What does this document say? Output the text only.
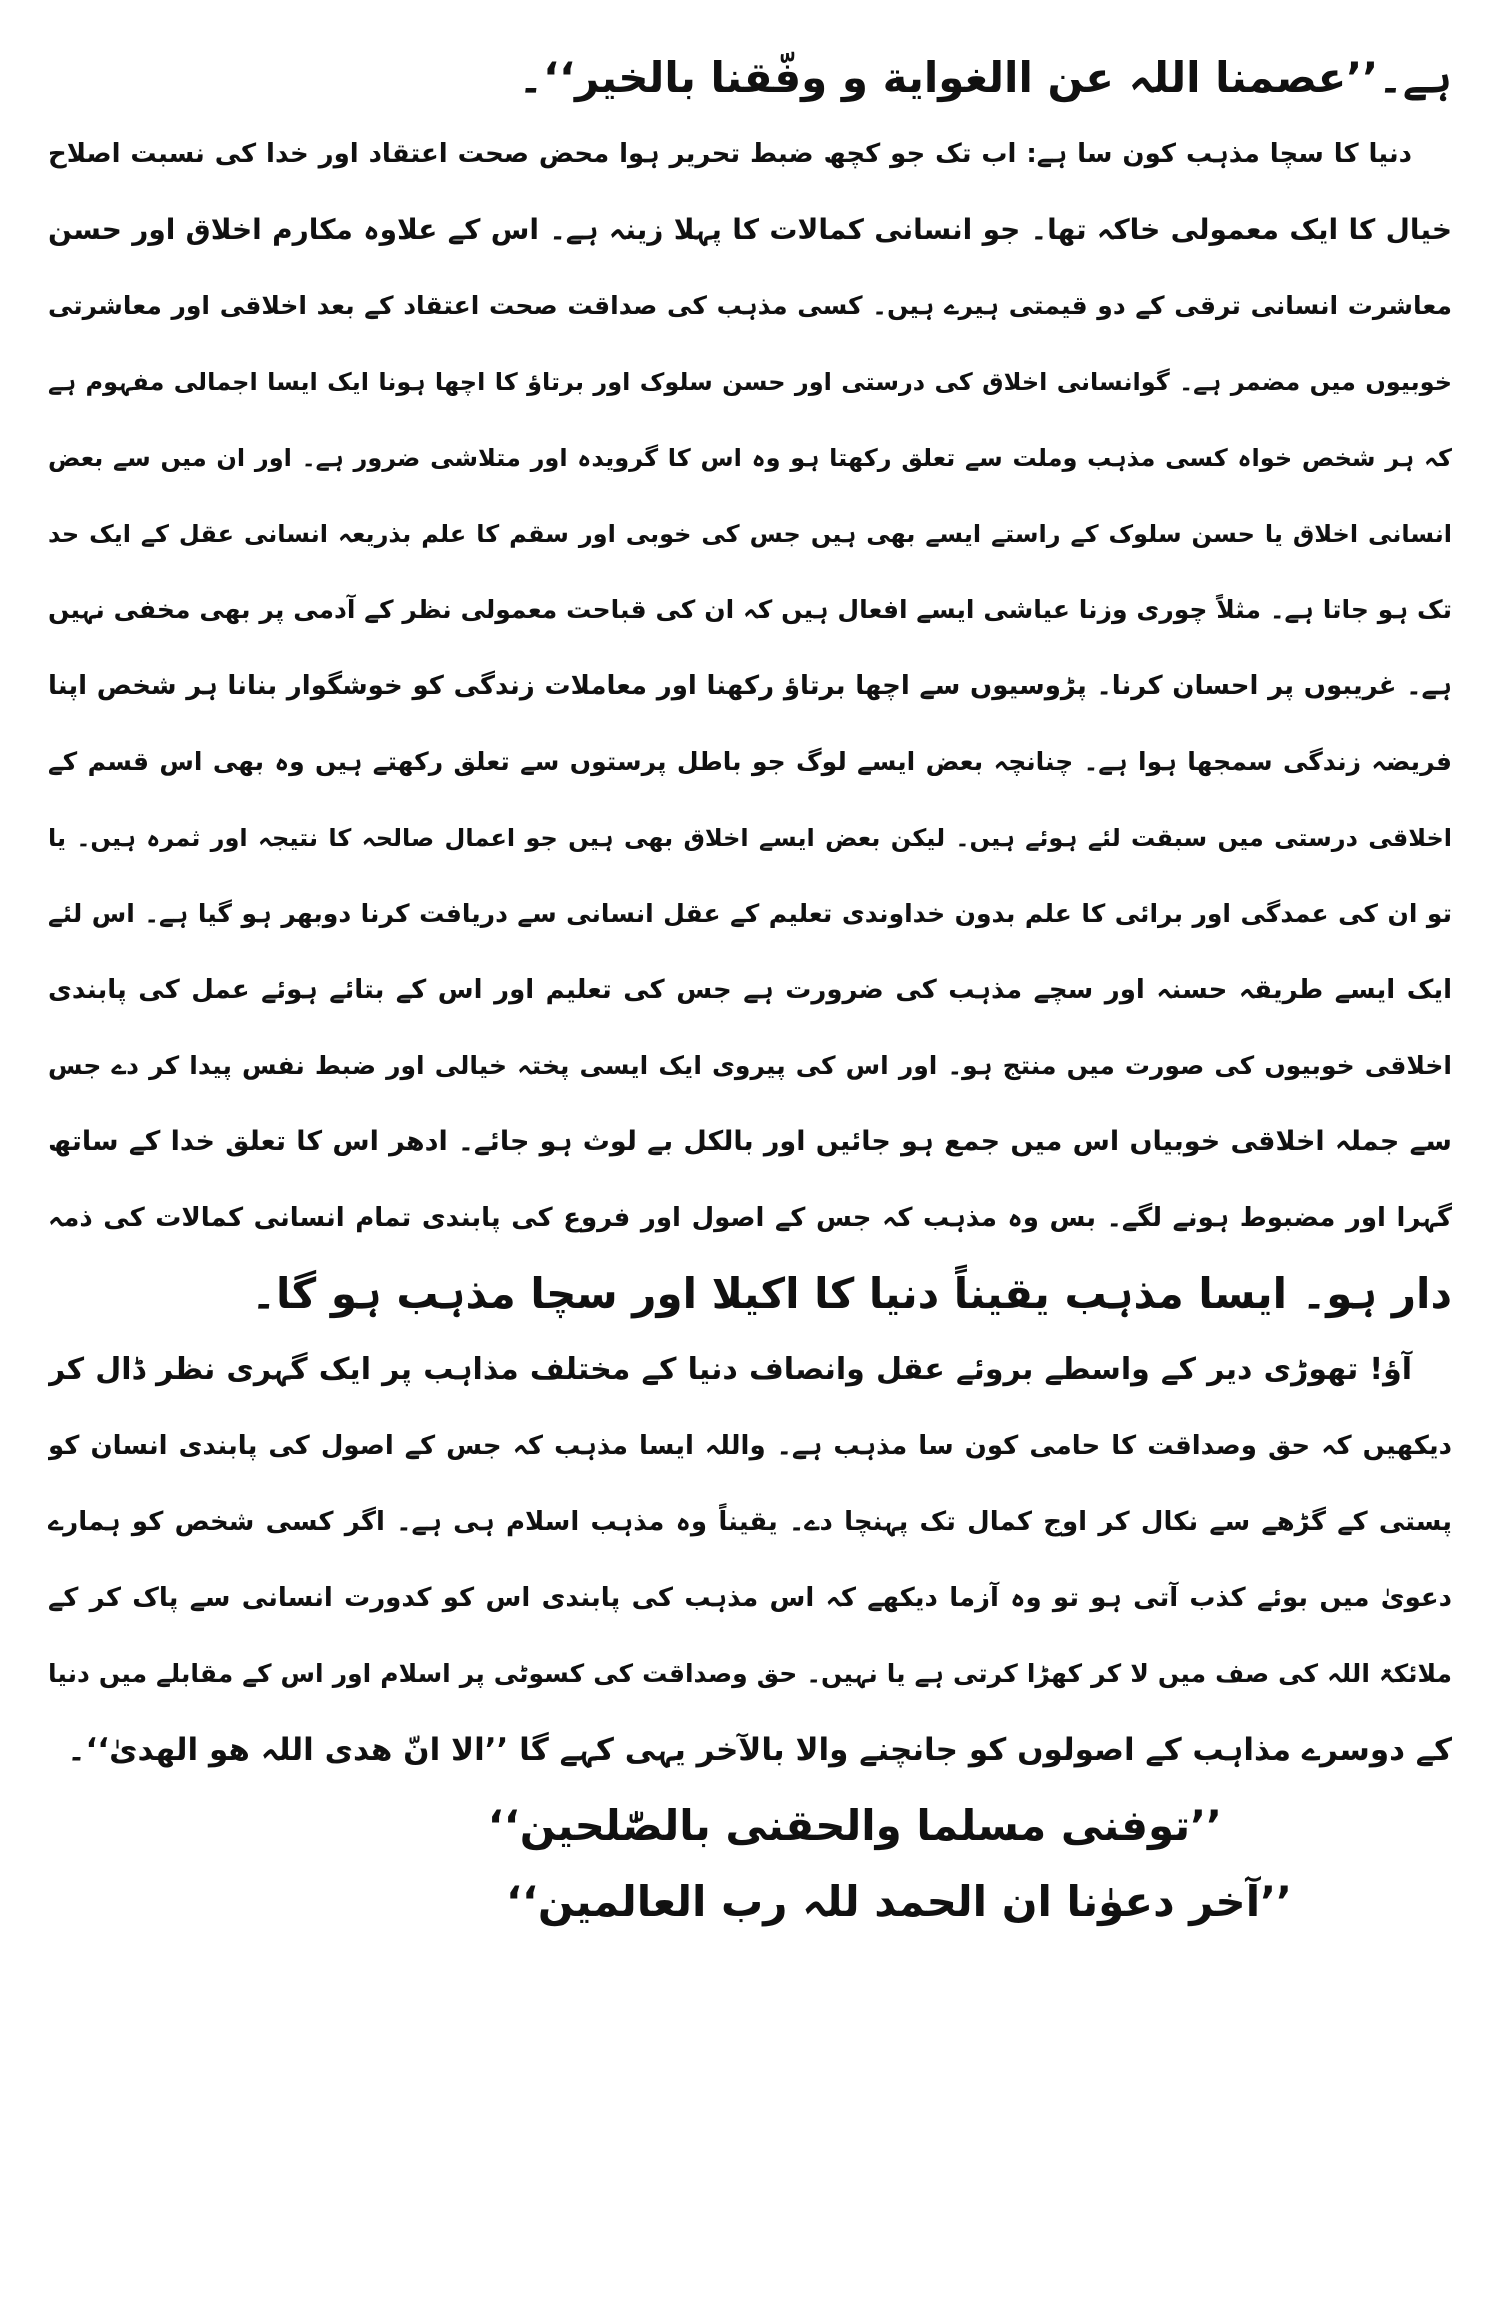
ہے۔’’عصمنا اللہ عن االغوایة و وفّقنا بالخیر‘‘۔
دنیا کا سچا مذہب کون سا ہے: اب تک جو کچھ ضبط تحریر ہوا محض صحت اعتقاد اور خدا کی نسبت اصلاح
خیال کا ایک معمولی خاکہ تھا۔ جو انسانی کمالات کا پہلا زینہ ہے۔ اس کے علاوہ مکارم اخلاق اور حسن
معاشرت انسانی ترقی کے دو قیمتی ہیرے ہیں۔ کسی مذہب کی صداقت صحت اعتقاد کے بعد اخلاقی اور معاشرتی
خوبیوں میں مضمر ہے۔ گوانسانی اخلاق کی درستی اور حسن سلوک اور برتاؤ کا اچھا ہونا ایک ایسا اجمالی مفہوم ہے
کہ ہر شخص خواہ کسی مذہب وملت سے تعلق رکھتا ہو وہ اس کا گرویدہ اور متلاشی ضرور ہے۔ اور ان میں سے بعض
انسانی اخلاق یا حسن سلوک کے راستے ایسے بھی ہیں جس کی خوبی اور سقم کا علم بذریعہ انسانی عقل کے ایک حد
تک ہو جاتا ہے۔ مثلاً چوری وزنا عیاشی ایسے افعال ہیں کہ ان کی قباحت معمولی نظر کے آدمی پر بھی مخفی نہیں
ہے۔ غریبوں پر احسان کرنا۔ پڑوسیوں سے اچھا برتاؤ رکھنا اور معاملات زندگی کو خوشگوار بنانا ہر شخص اپنا
فریضہ زندگی سمجھا ہوا ہے۔ چنانچہ بعض ایسے لوگ جو باطل پرستوں سے تعلق رکھتے ہیں وہ بھی اس قسم کے
اخلاقی درستی میں سبقت لئے ہوئے ہیں۔ لیکن بعض ایسے اخلاق بھی ہیں جو اعمال صالحہ کا نتیجہ اور ثمرہ ہیں۔ یا
تو ان کی عمدگی اور برائی کا علم بدون خداوندی تعلیم کے عقل انسانی سے دریافت کرنا دوبھر ہو گیا ہے۔ اس لئے
ایک ایسے طریقہ حسنہ اور سچے مذہب کی ضرورت ہے جس کی تعلیم اور اس کے بتائے ہوئے عمل کی پابندی
اخلاقی خوبیوں کی صورت میں منتج ہو۔ اور اس کی پیروی ایک ایسی پختہ خیالی اور ضبط نفس پیدا کر دے جس
سے جملہ اخلاقی خوبیاں اس میں جمع ہو جائیں اور بالکل بے لوث ہو جائے۔ ادھر اس کا تعلق خدا کے ساتھ
گہرا اور مضبوط ہونے لگے۔ بس وہ مذہب کہ جس کے اصول اور فروع کی پابندی تمام انسانی کمالات کی ذمہ
دار ہو۔ ایسا مذہب یقیناً دنیا کا اکیلا اور سچا مذہب ہو گا۔
آؤ! تھوڑی دیر کے واسطے بروئے عقل وانصاف دنیا کے مختلف مذاہب پر ایک گہری نظر ڈال کر
دیکھیں کہ حق وصداقت کا حامی کون سا مذہب ہے۔ واللہ ایسا مذہب کہ جس کے اصول کی پابندی انسان کو
پستی کے گڑھے سے نکال کر اوج کمال تک پہنچا دے۔ یقیناً وہ مذہب اسلام ہی ہے۔ اگر کسی شخص کو ہمارے
دعویٰ میں بوئے کذب آتی ہو تو وہ آزما دیکھے کہ اس مذہب کی پابندی اس کو کدورت انسانی سے پاک کر کے
ملائکۃ اللہ کی صف میں لا کر کھڑا کرتی ہے یا نہیں۔ حق وصداقت کی کسوٹی پر اسلام اور اس کے مقابلے میں دنیا
کے دوسرے مذاہب کے اصولوں کو جانچنے والا بالآخر یہی کہے گا ’’الا انّ ھدی اللہ ھو الھدیٰ‘‘۔
’’توفنی مسلما والحقنی بالصّٰلحین‘‘
’’آخر دعوٰنا ان الحمد للہ رب العالمین‘‘
